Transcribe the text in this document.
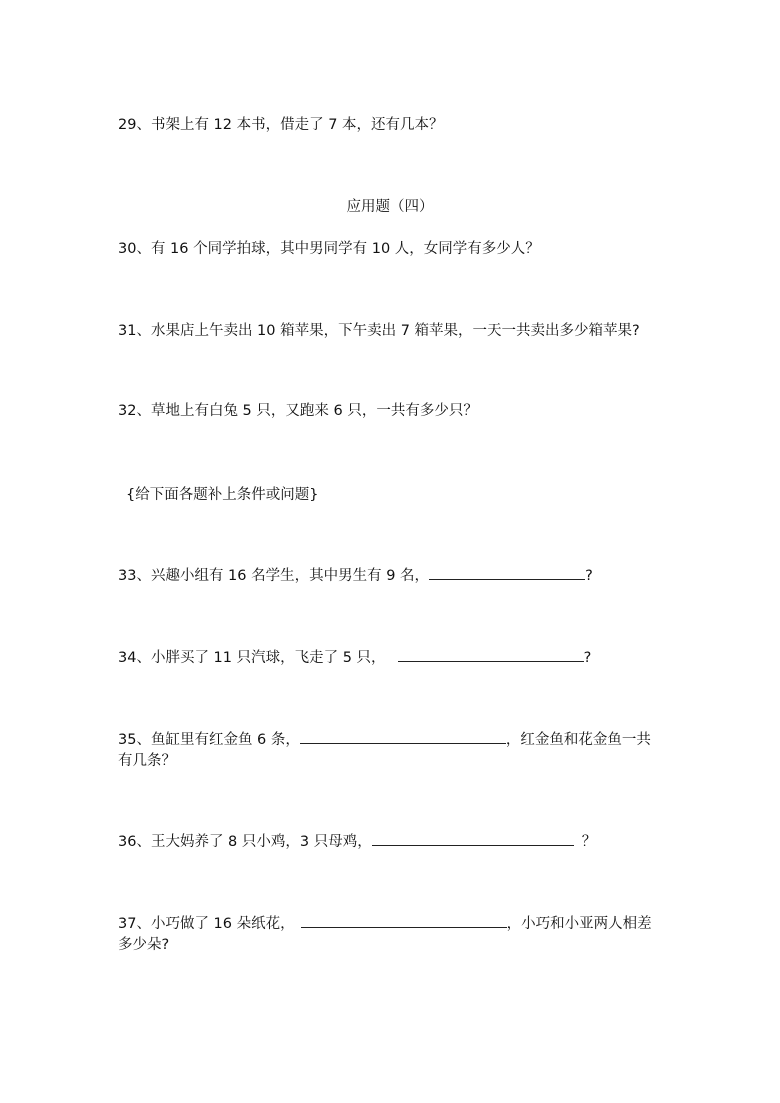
29、书架上有 12 本书，借走了 7 本，还有几本？
应用题（四）
30、有 16 个同学拍球，其中男同学有 10 人，女同学有多少人？
31、水果店上午卖出 10 箱苹果，下午卖出 7 箱苹果，一天一共卖出多少箱苹果?
32、草地上有白兔 5 只，又跑来 6 只，一共有多少只？
{给下面各题补上条件或问题}
33、兴趣小组有 16 名学生，其中男生有 9 名，	?
34、小胖买了 11 只汽球，飞走了 5 只，	?
35、鱼缸里有红金鱼 6 条，	，红金鱼和花金鱼一共
有几条？
36、王大妈养了 8 只小鸡，3 只母鸡，	？
37、小巧做了 16 朵纸花，	，小巧和小亚两人相差
多少朵?
